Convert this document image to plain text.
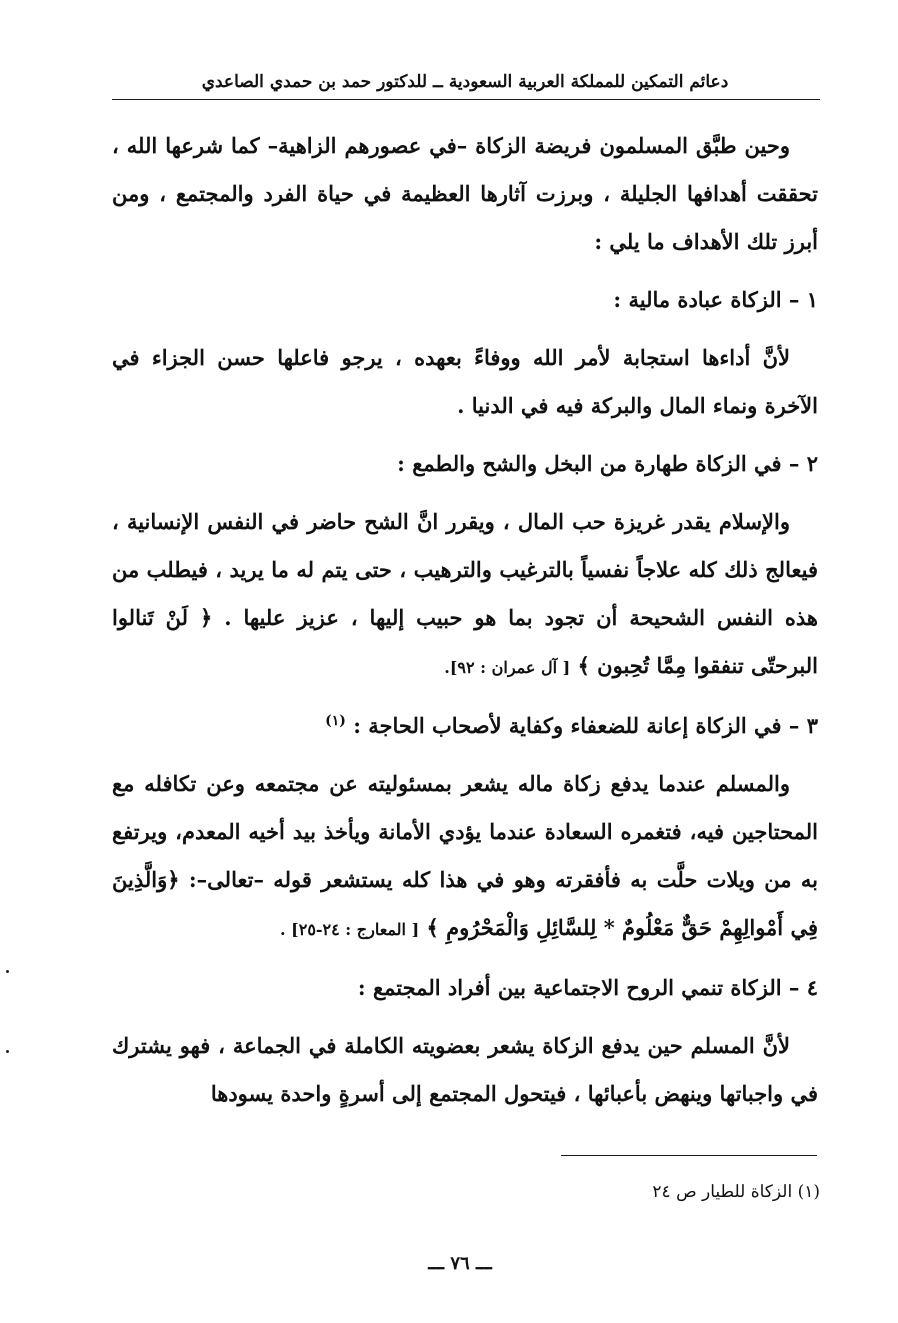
دعائم التمكين للمملكة العربية السعودية ــ للدكتور حمد بن حمدي الصاعدي

وحين طبَّق المسلمون فريضة الزكاة –في عصورهم الزاهية– كما شرعها الله ، تحققت أهدافها الجليلة ، وبرزت آثارها العظيمة في حياة الفرد والمجتمع ، ومن أبرز تلك الأهداف ما يلي :

١ – الزكاة عبادة مالية :

لأنَّ أداءها استجابة لأمر الله ووفاءً بعهده ، يرجو فاعلها حسن الجزاء في الآخرة ونماء المال والبركة فيه في الدنيا .

٢ – في الزكاة طهارة من البخل والشح والطمع :

والإسلام يقدر غريزة حب المال ، ويقرر انَّ الشح حاضر في النفس الإنسانية ، فيعالج ذلك كله علاجاً نفسياً بالترغيب والترهيب ، حتى يتم له ما يريد ، فيطلب من هذه النفس الشحيحة أن تجود بما هو حبيب إليها ، عزيز عليها . ﴿ لَنْ تَنالوا البرحتّى تنفقوا مِمَّا تُحِبون ﴾ [ آل عمران : ٩٢].

٣ – في الزكاة إعانة للضعفاء وكفاية لأصحاب الحاجة : $^{(١)}$

والمسلم عندما يدفع زكاة ماله يشعر بمسئوليته عن مجتمعه وعن تكافله مع المحتاجين فيه، فتغمره السعادة عندما يؤدي الأمانة ويأخذ بيد أخيه المعدم، ويرتفع به من ويلات حلَّت به فأفقرته وهو في هذا كله يستشعر قوله –تعالى–: ﴿وَالَّذِينَ فِي أَمْوالِهِمْ حَقٌّ مَعْلُومٌ * لِلسَّائِلِ وَالْمَحْرُومِ ﴾ [ المعارج : ٢٤-٢٥] .

٤ – الزكاة تنمي الروح الاجتماعية بين أفراد المجتمع :

لأنَّ المسلم حين يدفع الزكاة يشعر بعضويته الكاملة في الجماعة ، فهو يشترك في واجباتها وينهض بأعبائها ، فيتحول المجتمع إلى أسرةٍ واحدة يسودها

(١) الزكاة للطيار ص ٢٤
ـــ ٧٦ ـــ
